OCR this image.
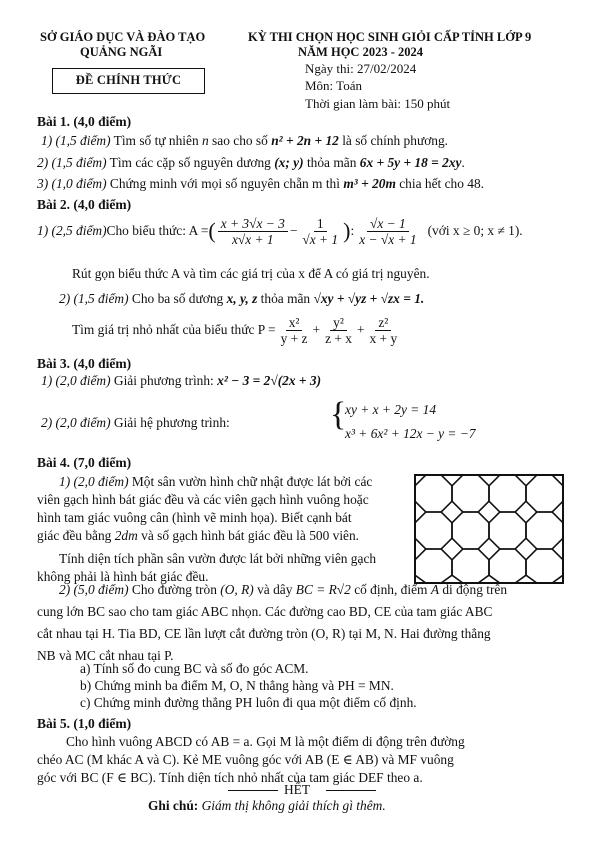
SỞ GIÁO DỤC VÀ ĐÀO TẠO
QUẢNG NGÃI
KỲ THI CHỌN HỌC SINH GIỎI CẤP TỈNH LỚP 9
NĂM HỌC 2023 - 2024
ĐỀ CHÍNH THỨC
Ngày thi: 27/02/2024
Môn: Toán
Thời gian làm bài: 150 phút
Bài 1. (4,0 điểm)
1) (1,5 điểm) Tìm số tự nhiên n sao cho số n² + 2n + 12 là số chính phương.
2) (1,5 điểm) Tìm các cặp số nguyên dương (x; y) thỏa mãn 6x + 5y + 18 = 2xy.
3) (1,0 điểm) Chứng minh với mọi số nguyên chẵn m thì m³ + 20m chia hết cho 48.
Bài 2. (4,0 điểm)
1) (2,5 điểm) Cho biểu thức: A = ( $\frac{x + 3√x - 3}{x√x + 1} - \frac{1}{√x + 1}$ ) : $\frac{√x - 1}{x - √x + 1}$ (với x ≥ 0; x ≠ 1).
Rút gọn biểu thức A và tìm các giá trị của x để A có giá trị nguyên.
2) (1,5 điểm) Cho ba số dương x, y, z thỏa mãn √xy + √yz + √zx = 1.
Tìm giá trị nhỏ nhất của biểu thức $P = \frac{\text{x²}}{y + z} + \frac{\text{y²}}{z + x} + \frac{\text{z²}}{x + y}$
Bài 3. (4,0 điểm)
1) (2,0 điểm) Giải phương trình: x² − 3 = 2√(2x + 3)
2) (2,0 điểm) Giải hệ phương trình:	{
xy + x + 2y = 14
x³ + 6x² + 12x − y = −7
Bài 4. (7,0 điểm)
1) (2,0 điểm) Một sân vườn hình chữ nhật được lát bởi các
viên gạch hình bát giác đều và các viên gạch hình vuông hoặc
hình tam giác vuông cân (hình vẽ minh họa). Biết cạnh bát
giác đều bằng 2dm và số gạch hình bát giác đều là 500 viên.
Tính diện tích phần sân vườn được lát bởi những viên gạch
không phải là hình bát giác đều.
2) (5,0 điểm) Cho đường tròn (O, R) và dây BC = R√2 cố định, điểm A di động trên
cung lớn BC sao cho tam giác ABC nhọn. Các đường cao BD, CE của tam giác ABC
cắt nhau tại H. Tia BD, CE lần lượt cắt đường tròn (O, R) tại M, N. Hai đường thẳng
NB và MC cắt nhau tại P.
a) Tính số đo cung BC và số đo góc ACM.
b) Chứng minh ba điểm M, O, N thẳng hàng và PH = MN.
c) Chứng minh đường thẳng PH luôn đi qua một điểm cố định.
Bài 5. (1,0 điểm)
Cho hình vuông ABCD có AB = a. Gọi M là một điểm di động trên đường
chéo AC (M khác A và C). Kẻ ME vuông góc với AB (E ∈ AB) và MF vuông
góc với BC (F ∈ BC). Tính diện tích nhỏ nhất của tam giác DEF theo a.
HẾT
Ghi chú: Giám thị không giải thích gì thêm.
